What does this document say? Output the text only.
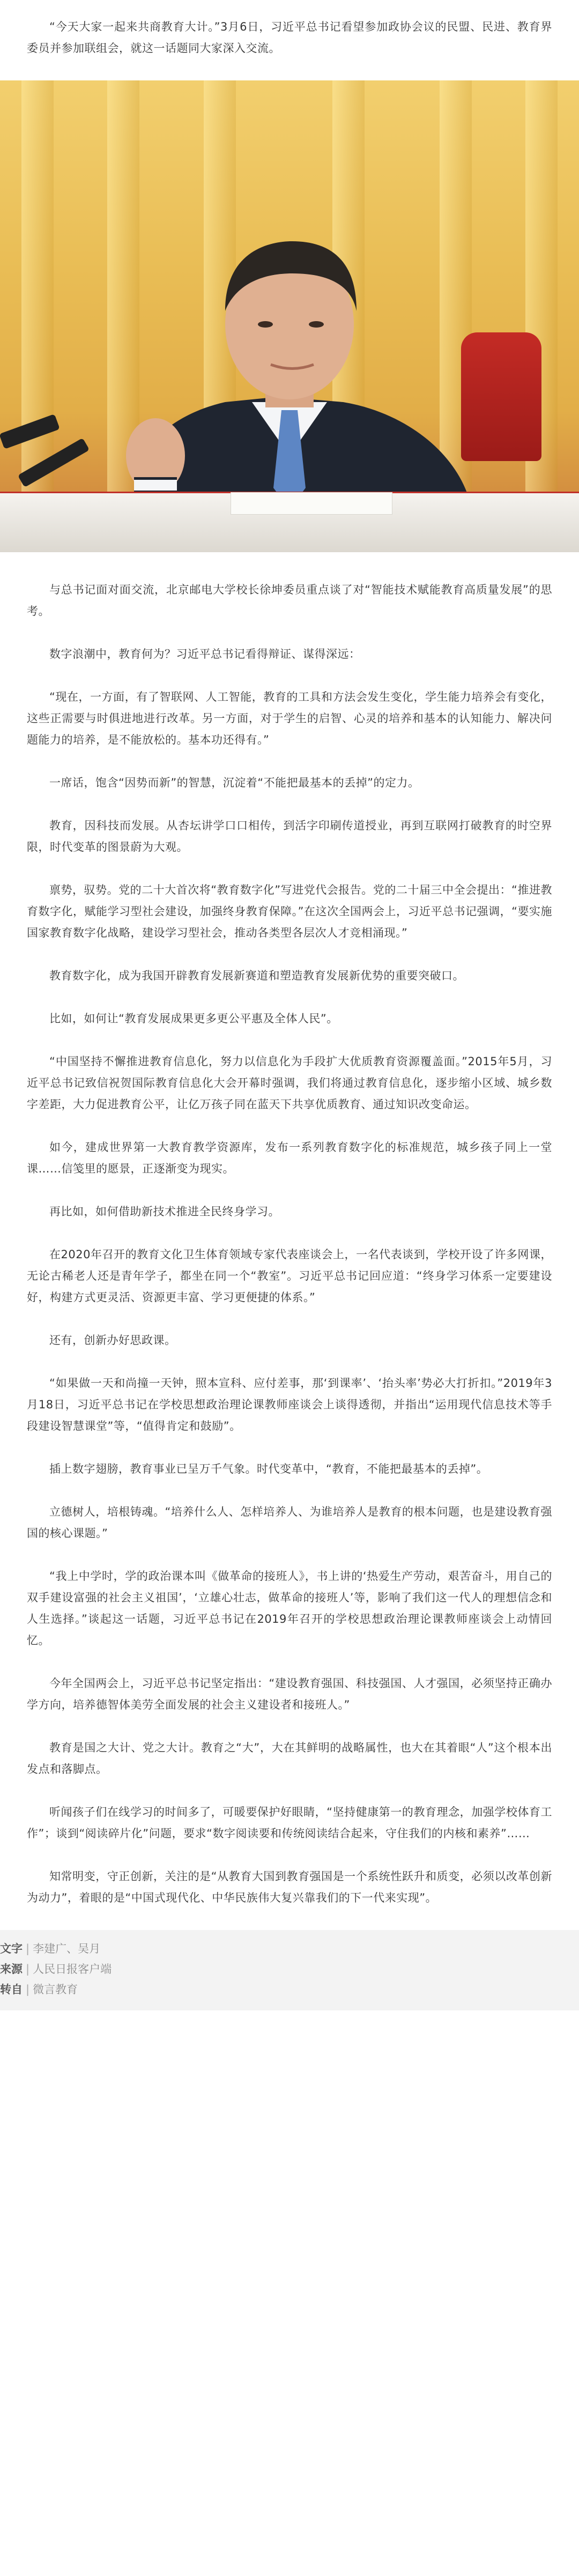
“今天大家一起来共商教育大计。”3月6日，习近平总书记看望参加政协会议的民盟、民进、教育界委员并参加联组会，就这一话题同大家深入交流。

与总书记面对面交流，北京邮电大学校长徐坤委员重点谈了对“智能技术赋能教育高质量发展”的思考。

数字浪潮中，教育何为？习近平总书记看得辩证、谋得深远：

“现在，一方面，有了智联网、人工智能，教育的工具和方法会发生变化，学生能力培养会有变化，这些正需要与时俱进地进行改革。另一方面，对于学生的启智、心灵的培养和基本的认知能力、解决问题能力的培养，是不能放松的。基本功还得有。”

一席话，饱含“因势而新”的智慧，沉淀着“不能把最基本的丢掉”的定力。

教育，因科技而发展。从杏坛讲学口口相传，到活字印刷传道授业，再到互联网打破教育的时空界限，时代变革的图景蔚为大观。

禀势，驭势。党的二十大首次将“教育数字化”写进党代会报告。党的二十届三中全会提出：“推进教育数字化，赋能学习型社会建设，加强终身教育保障。”在这次全国两会上，习近平总书记强调，“要实施国家教育数字化战略，建设学习型社会，推动各类型各层次人才竞相涌现。”

教育数字化，成为我国开辟教育发展新赛道和塑造教育发展新优势的重要突破口。

比如，如何让“教育发展成果更多更公平惠及全体人民”。

“中国坚持不懈推进教育信息化，努力以信息化为手段扩大优质教育资源覆盖面。”2015年5月，习近平总书记致信祝贺国际教育信息化大会开幕时强调，我们将通过教育信息化，逐步缩小区域、城乡数字差距，大力促进教育公平，让亿万孩子同在蓝天下共享优质教育、通过知识改变命运。

如今，建成世界第一大教育教学资源库，发布一系列教育数字化的标准规范，城乡孩子同上一堂课……信笺里的愿景，正逐渐变为现实。

再比如，如何借助新技术推进全民终身学习。

在2020年召开的教育文化卫生体育领域专家代表座谈会上，一名代表谈到，学校开设了许多网课，无论古稀老人还是青年学子，都坐在同一个“教室”。习近平总书记回应道：“终身学习体系一定要建设好，构建方式更灵活、资源更丰富、学习更便捷的体系。”

还有，创新办好思政课。

“如果做一天和尚撞一天钟，照本宣科、应付差事，那‘到课率’、‘抬头率’势必大打折扣。”2019年3月18日，习近平总书记在学校思想政治理论课教师座谈会上谈得透彻，并指出“运用现代信息技术等手段建设智慧课堂”等，“值得肯定和鼓励”。

插上数字翅膀，教育事业已呈万千气象。时代变革中，“教育，不能把最基本的丢掉”。

立德树人，培根铸魂。“培养什么人、怎样培养人、为谁培养人是教育的根本问题，也是建设教育强国的核心课题。”

“我上中学时，学的政治课本叫《做革命的接班人》，书上讲的‘热爱生产劳动，艰苦奋斗，用自己的双手建设富强的社会主义祖国’，‘立雄心壮志，做革命的接班人’等，影响了我们这一代人的理想信念和人生选择。”谈起这一话题，习近平总书记在2019年召开的学校思想政治理论课教师座谈会上动情回忆。

今年全国两会上，习近平总书记坚定指出：“建设教育强国、科技强国、人才强国，必须坚持正确办学方向，培养德智体美劳全面发展的社会主义建设者和接班人。”

教育是国之大计、党之大计。教育之“大”，大在其鲜明的战略属性，也大在其着眼“人”这个根本出发点和落脚点。

听闻孩子们在线学习的时间多了，可暖要保护好眼睛，“坚持健康第一的教育理念，加强学校体育工作”；谈到“阅读碎片化”问题，要求“数字阅读要和传统阅读结合起来，守住我们的内核和素养”……

知常明变，守正创新，关注的是“从教育大国到教育强国是一个系统性跃升和质变，必须以改革创新为动力”，着眼的是“中国式现代化、中华民族伟大复兴靠我们的下一代来实现”。

文字 | 李建广、吴月
来源 | 人民日报客户端
转自 | 微言教育
